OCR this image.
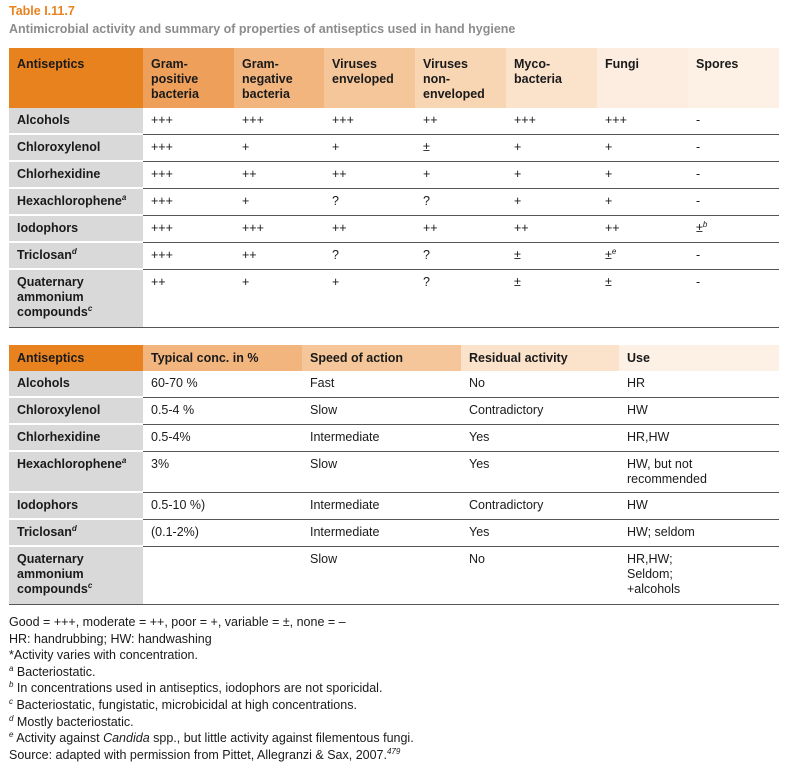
Table I.11.7
Antimicrobial activity and summary of properties of antiseptics used in hand hygiene
Antiseptics	Gram-
positive
bacteria	Gram-
negative
bacteria	Viruses
enveloped	Viruses
non-
enveloped	Myco-
bacteria	Fungi	Spores
Alcohols	+++	+++	+++	++	+++	+++	-
Chloroxylenol	+++	+	+	±	+	+	-
Chlorhexidine	+++	++	++	+	+	+	-
Hexachlorophene$^a$	+++	+	?	?	+	+	-
Iodophors	+++	+++	++	++	++	++	±$^b$
Triclosan$^d$	+++	++	?	?	±	±$^e$	-
Quaternary
ammonium
compounds$^c$	++	+	+	?	±	±	-
Antiseptics	Typical conc. in %	Speed of action	Residual activity	Use
Alcohols	60-70 %	Fast	No	HR
Chloroxylenol	0.5-4 %	Slow	Contradictory	HW
Chlorhexidine	0.5-4%	Intermediate	Yes	HR,HW
Hexachlorophene$^a$	3%	Slow	Yes	HW, but not
recommended
Iodophors	0.5-10 %)	Intermediate	Contradictory	HW
Triclosan$^d$	(0.1-2%)	Intermediate	Yes	HW; seldom
Quaternary
ammonium
compounds$^c$		Slow	No	HR,HW;
Seldom;
+alcohols
Good = +++, moderate = ++, poor = +, variable = ±, none = –
HR: handrubbing; HW: handwashing
*Activity varies with concentration.
$^a$ Bacteriostatic.
$^b$ In concentrations used in antiseptics, iodophors are not sporicidal.
$^c$ Bacteriostatic, fungistatic, microbicidal at high concentrations.
$^d$ Mostly bacteriostatic.
$^e$ Activity against Candida spp., but little activity against filementous fungi.
Source: adapted with permission from Pittet, Allegranzi & Sax, 2007.$^{479}$
